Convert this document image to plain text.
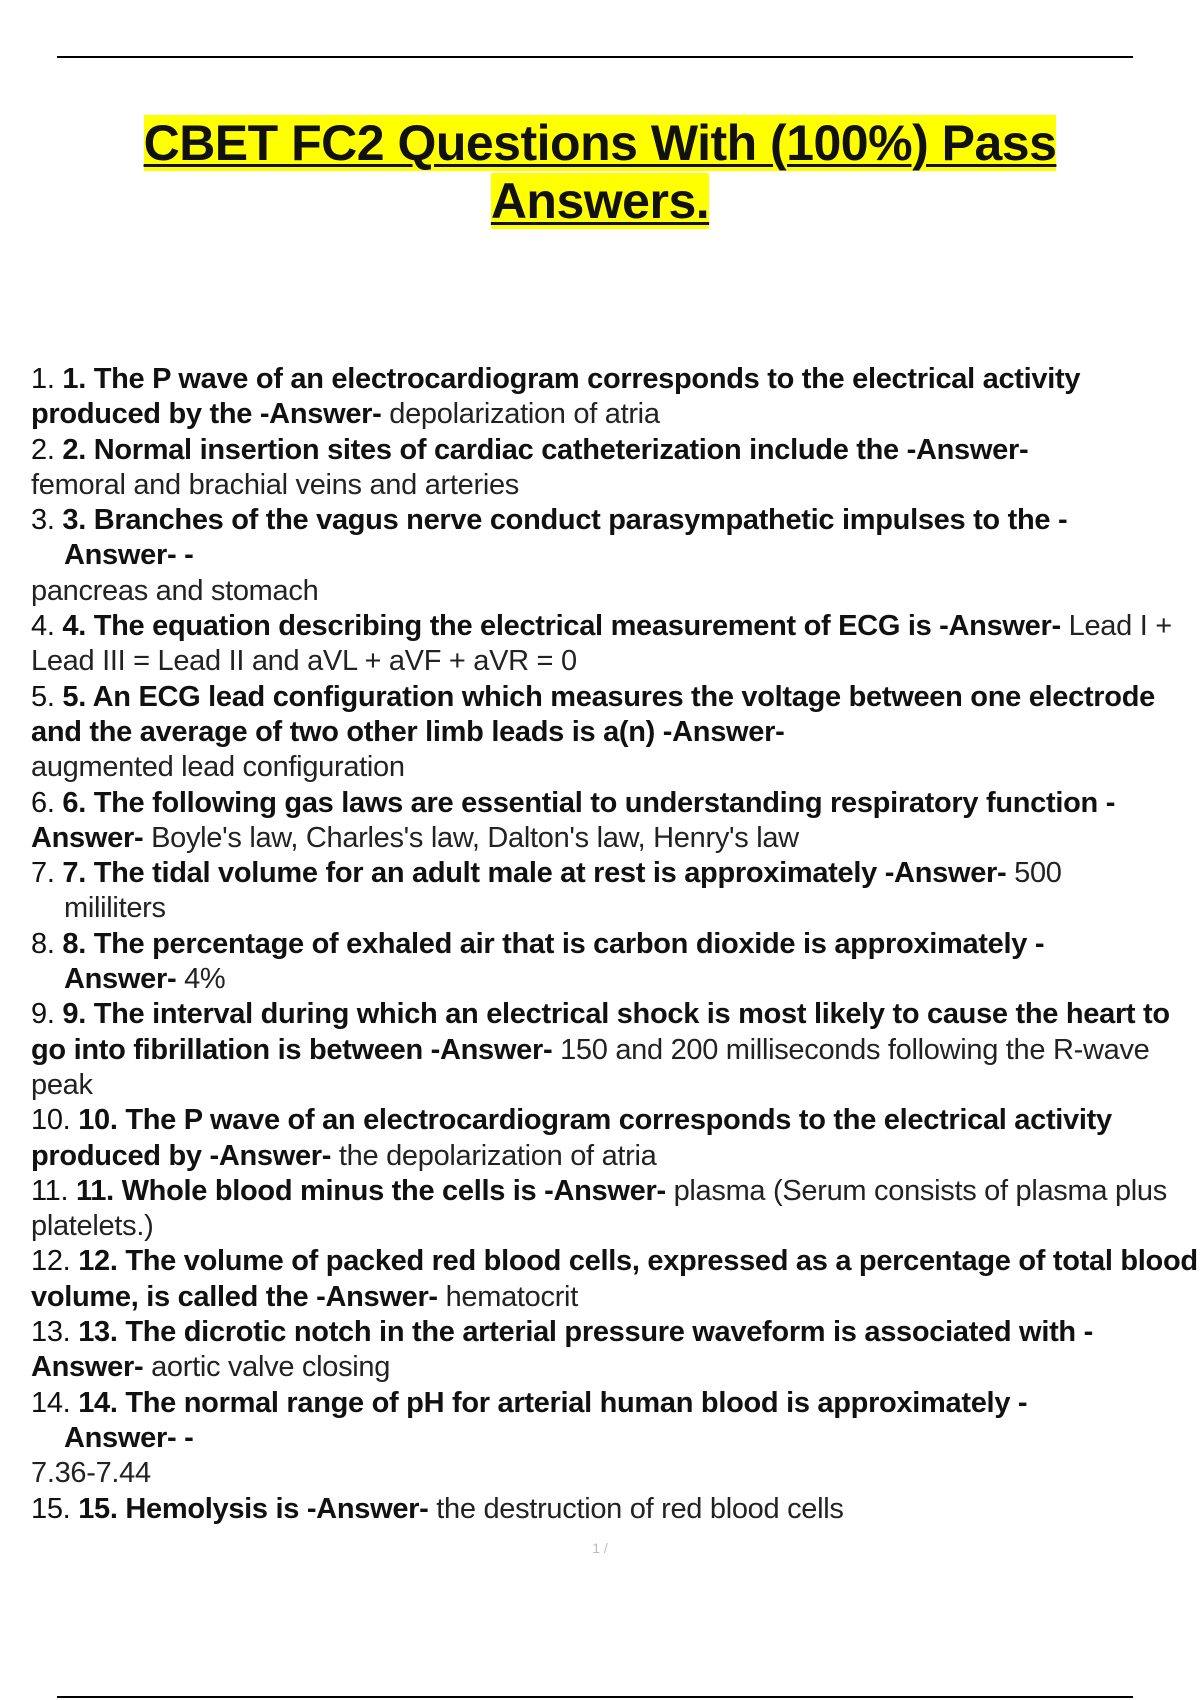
CBET FC2 Questions With (100%) Pass
Answers.
1. 1. The P wave of an electrocardiogram corresponds to the electrical activity produced by the -Answer- depolarization of atria
2. 2. Normal insertion sites of cardiac catheterization include the -Answer-
femoral and brachial veins and arteries
3. 3. Branches of the vagus nerve conduct parasympathetic impulses to the -
Answer- -
pancreas and stomach
4. 4. The equation describing the electrical measurement of ECG is -Answer- Lead I + Lead III = Lead II and aVL + aVF + aVR = 0
5. 5. An ECG lead configuration which measures the voltage between one electrode and the average of two other limb leads is a(n) -Answer-
augmented lead configuration
6. 6. The following gas laws are essential to understanding respiratory function -Answer- Boyle's law, Charles's law, Dalton's law, Henry's law
7. 7. The tidal volume for an adult male at rest is approximately -Answer- 500
mililiters
8. 8. The percentage of exhaled air that is carbon dioxide is approximately -
Answer- 4%
9. 9. The interval during which an electrical shock is most likely to cause the heart to go into fibrillation is between -Answer- 150 and 200 milliseconds following the R-wave peak
10. 10. The P wave of an electrocardiogram corresponds to the electrical activity produced by -Answer- the depolarization of atria
11. 11. Whole blood minus the cells is -Answer- plasma (Serum consists of plasma plus platelets.)
12. 12. The volume of packed red blood cells, expressed as a percentage of total blood volume, is called the -Answer- hematocrit
13. 13. The dicrotic notch in the arterial pressure waveform is associated with -Answer- aortic valve closing
14. 14. The normal range of pH for arterial human blood is approximately -
Answer- -
7.36-7.44
15. 15. Hemolysis is -Answer- the destruction of red blood cells
1 /
